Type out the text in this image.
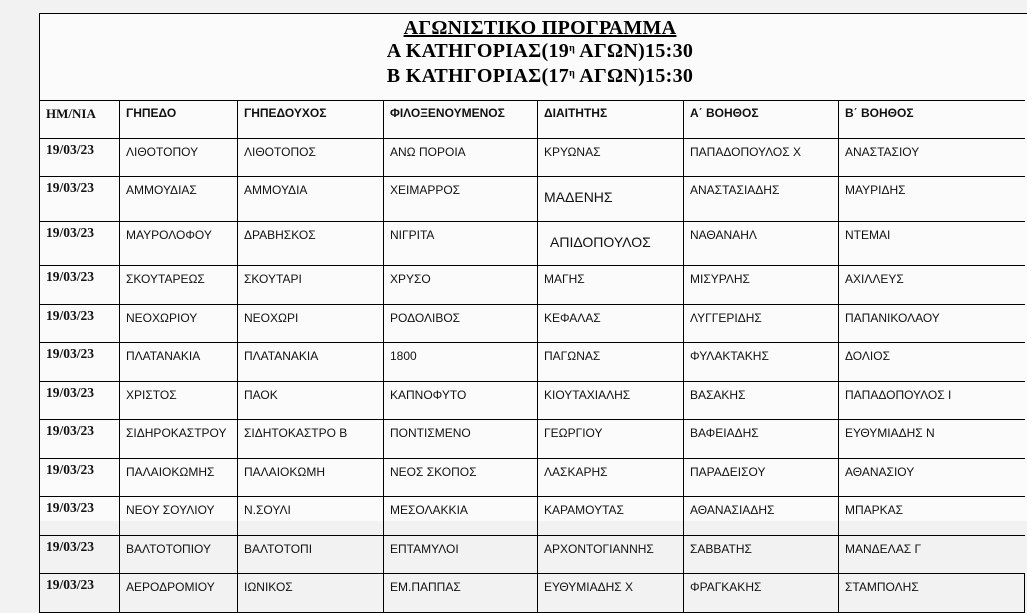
ΑΓΩΝΙΣΤΙΚΟ ΠΡΟΓΡΑΜΜΑ
Α $KATH\Gamma OPIA\Sigma(19^\eta$ ΑΓΩΝ)15:30
Β $KATH\Gamma OPIA\Sigma(17^\eta$ ΑΓΩΝ)15:30
ΗΜ/ΝΙΑ	ΓΗΠΕΔΟ	ΓΗΠΕΔΟΥΧΟΣ	ΦΙΛΟΞΕΝΟΥΜΕΝΟΣ	ΔΙΑΙΤΗΤΗΣ	Α΄ ΒΟΗΘΟΣ	Β΄ ΒΟΗΘΟΣ
19/03/23	ΛΙΘΟΤΟΠΟΥ	ΛΙΘΟΤΟΠΟΣ	ΑΝΩ ΠΟΡΟΙΑ	ΚΡΥΩΝΑΣ	ΠΑΠΑΔΟΠΟΥΛΟΣ Χ	ΑΝΑΣΤΑΣΙΟΥ
19/03/23	ΑΜΜΟΥΔΙΑΣ	ΑΜΜΟΥΔΙΑ	ΧΕΙΜΑΡΡΟΣ	ΜΑΔΕΝΗΣ	ΑΝΑΣΤΑΣΙΑΔΗΣ	ΜΑΥΡΙΔΗΣ
19/03/23	ΜΑΥΡΟΛΟΦΟΥ	ΔΡΑΒΗΣΚΟΣ	ΝΙΓΡΙΤΑ	ΑΠΙΔΟΠΟΥΛΟΣ	ΝΑΘΑΝΑΗΛ	ΝΤΕΜΑΙ
19/03/23	ΣΚΟΥΤΑΡΕΩΣ	ΣΚΟΥΤΑΡΙ	ΧΡΥΣΟ	ΜΑΓΗΣ	ΜΙΣΥΡΛΗΣ	ΑΧΙΛΛΕΥΣ
19/03/23	ΝΕΟΧΩΡΙΟΥ	ΝΕΟΧΩΡΙ	ΡΟΔΟΛΙΒΟΣ	ΚΕΦΑΛΑΣ	ΛΥΓΓΕΡΙΔΗΣ	ΠΑΠΑΝΙΚΟΛΑΟΥ
19/03/23	ΠΛΑΤΑΝΑΚΙΑ	ΠΛΑΤΑΝΑΚΙΑ	1800	ΠΑΓΩΝΑΣ	ΦΥΛΑΚΤΑΚΗΣ	ΔΟΛΙΟΣ
19/03/23	ΧΡΙΣΤΟΣ	ΠΑΟΚ	ΚΑΠΝΟΦΥΤΟ	ΚΙΟΥΤΑΧΙΑΛΗΣ	ΒΑΣΑΚΗΣ	ΠΑΠΑΔΟΠΟΥΛΟΣ Ι
19/03/23	ΣΙΔΗΡΟΚΑΣΤΡΟΥ	ΣΙΔΗΤΟΚΑΣΤΡΟ Β	ΠΟΝΤΙΣΜΕΝΟ	ΓΕΩΡΓΙΟΥ	ΒΑΦΕΙΑΔΗΣ	ΕΥΘΥΜΙΑΔΗΣ Ν
19/03/23	ΠΑΛΑΙΟΚΩΜΗΣ	ΠΑΛΑΙΟΚΩΜΗ	ΝΕΟΣ ΣΚΟΠΟΣ	ΛΑΣΚΑΡΗΣ	ΠΑΡΑΔΕΙΣΟΥ	ΑΘΑΝΑΣΙΟΥ
19/03/23	ΝΕΟΥ ΣΟΥΛΙΟΥ	Ν.ΣΟΥΛΙ	ΜΕΣΟΛΑΚΚΙΑ	ΚΑΡΑΜΟΥΤΑΣ	ΑΘΑΝΑΣΙΑΔΗΣ	ΜΠΑΡΚΑΣ
19/03/23	ΒΑΛΤΟΤΟΠΙΟΥ	ΒΑΛΤΟΤΟΠΙ	ΕΠΤΑΜΥΛΟΙ	ΑΡΧΟΝΤΟΓΙΑΝΝΗΣ	ΣΑΒΒΑΤΗΣ	ΜΑΝΔΕΛΑΣ Γ
19/03/23	ΑΕΡΟΔΡΟΜΙΟΥ	ΙΩΝΙΚΟΣ	ΕΜ.ΠΑΠΠΑΣ	ΕΥΘΥΜΙΑΔΗΣ Χ	ΦΡΑΓΚΑΚΗΣ	ΣΤΑΜΠΟΛΗΣ
